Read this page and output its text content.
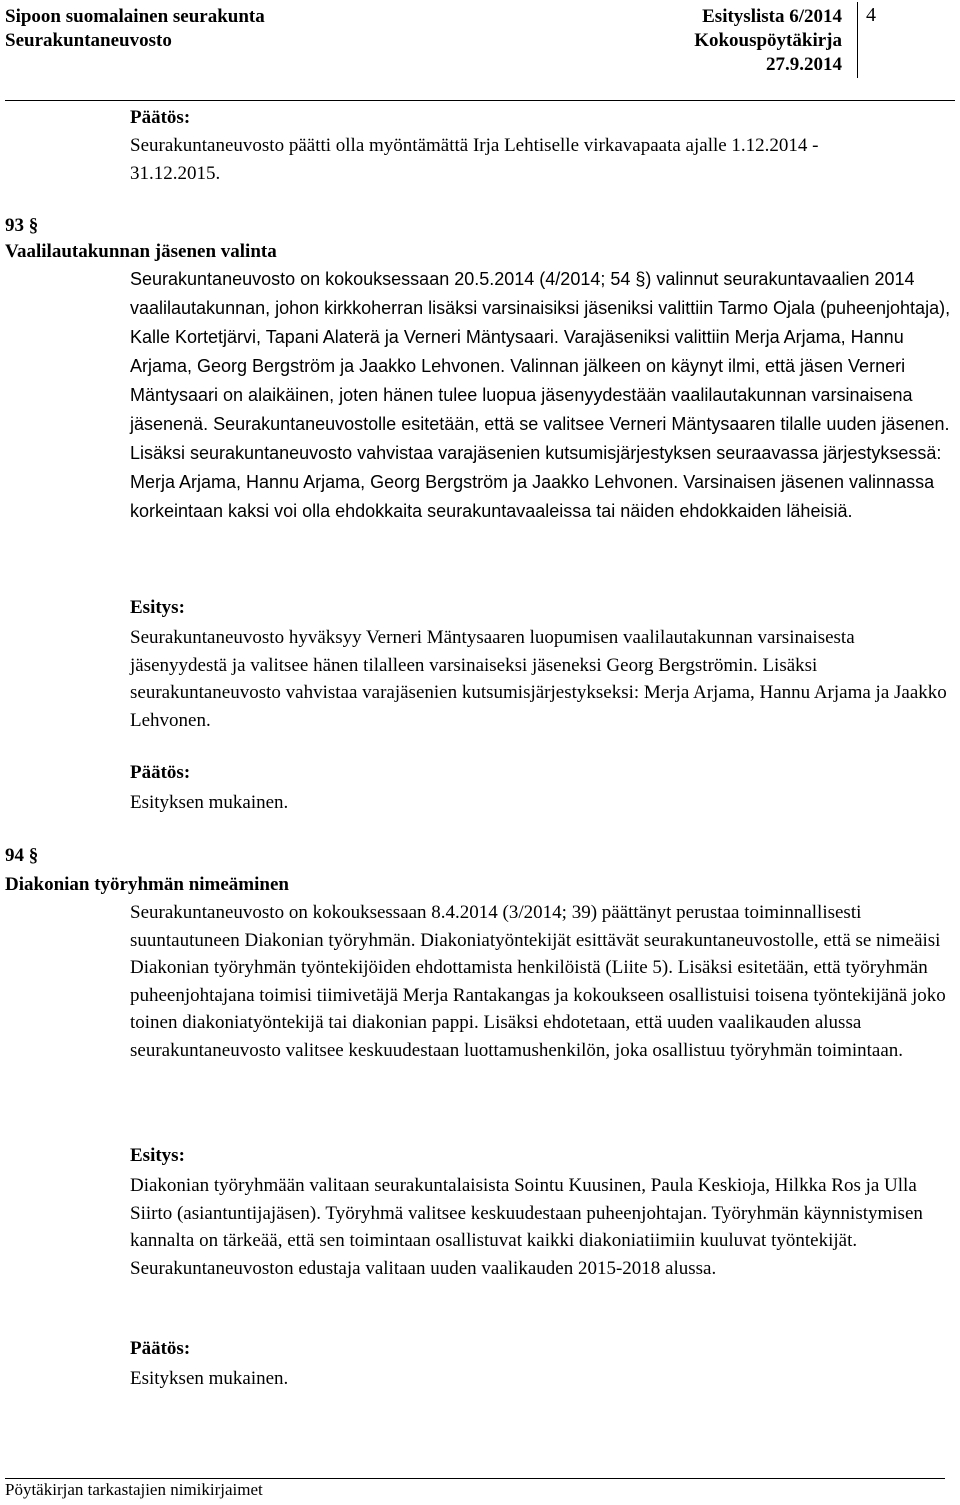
Sipoon suomalainen seurakunta
Seurakuntaneuvosto
Esityslista 6/2014
Kokouspöytäkirja
27.9.2014
4
Päätös:
Seurakuntaneuvosto päätti olla myöntämättä Irja Lehtiselle virkavapaata ajalle 1.12.2014 - 31.12.2015.
93 §
Vaalilautakunnan jäsenen valinta
Seurakuntaneuvosto on kokouksessaan 20.5.2014 (4/2014; 54 §) valinnut seurakuntavaalien 2014 vaalilautakunnan, johon kirkkoherran lisäksi varsinaisiksi jäseniksi valittiin Tarmo Ojala (puheenjohtaja), Kalle Kortetjärvi, Tapani Alaterä ja Verneri Mäntysaari. Varajäseniksi valittiin Merja Arjama, Hannu Arjama, Georg Bergström ja Jaakko Lehvonen. Valinnan jälkeen on käynyt ilmi, että jäsen Verneri Mäntysaari on alaikäinen, joten hänen tulee luopua jäsenyydestään vaalilautakunnan varsinaisena jäsenenä. Seurakuntaneuvostolle esitetään, että se valitsee Verneri Mäntysaaren tilalle uuden jäsenen. Lisäksi seurakuntaneuvosto vahvistaa varajäsenien kutsumisjärjestyksen seuraavassa järjestyksessä: Merja Arjama, Hannu Arjama, Georg Bergström ja Jaakko Lehvonen. Varsinaisen jäsenen valinnassa korkeintaan kaksi voi olla ehdokkaita seurakuntavaaleissa tai näiden ehdokkaiden läheisiä.
Esitys:
Seurakuntaneuvosto hyväksyy Verneri Mäntysaaren luopumisen vaalilautakunnan varsinaisesta jäsenyydestä ja valitsee hänen tilalleen varsinaiseksi jäseneksi Georg Bergströmin. Lisäksi seurakuntaneuvosto vahvistaa varajäsenien kutsumisjärjestykseksi: Merja Arjama, Hannu Arjama ja Jaakko Lehvonen.
Päätös:
Esityksen mukainen.
94 §
Diakonian työryhmän nimeäminen
Seurakuntaneuvosto on kokouksessaan 8.4.2014 (3/2014; 39) päättänyt perustaa toiminnallisesti suuntautuneen Diakonian työryhmän. Diakoniatyöntekijät esittävät seurakuntaneuvostolle, että se nimeäisi Diakonian työryhmän työntekijöiden ehdottamista henkilöistä (Liite 5). Lisäksi esitetään, että työryhmän puheenjohtajana toimisi tiimivetäjä Merja Rantakangas ja kokoukseen osallistuisi toisena työntekijänä joko toinen diakoniatyöntekijä tai diakonian pappi. Lisäksi ehdotetaan, että uuden vaalikauden alussa seurakuntaneuvosto valitsee keskuudestaan luottamushenkilön, joka osallistuu työryhmän toimintaan.
Esitys:
Diakonian työryhmään valitaan seurakuntalaisista Sointu Kuusinen, Paula Keskioja, Hilkka Ros ja Ulla Siirto (asiantuntijajäsen). Työryhmä valitsee keskuudestaan puheenjohtajan. Työryhmän käynnistymisen kannalta on tärkeää, että sen toimintaan osallistuvat kaikki diakoniatiimiin kuuluvat työntekijät. Seurakuntaneuvoston edustaja valitaan uuden vaalikauden 2015-2018 alussa.
Päätös:
Esityksen mukainen.
Pöytäkirjan tarkastajien nimikirjaimet
